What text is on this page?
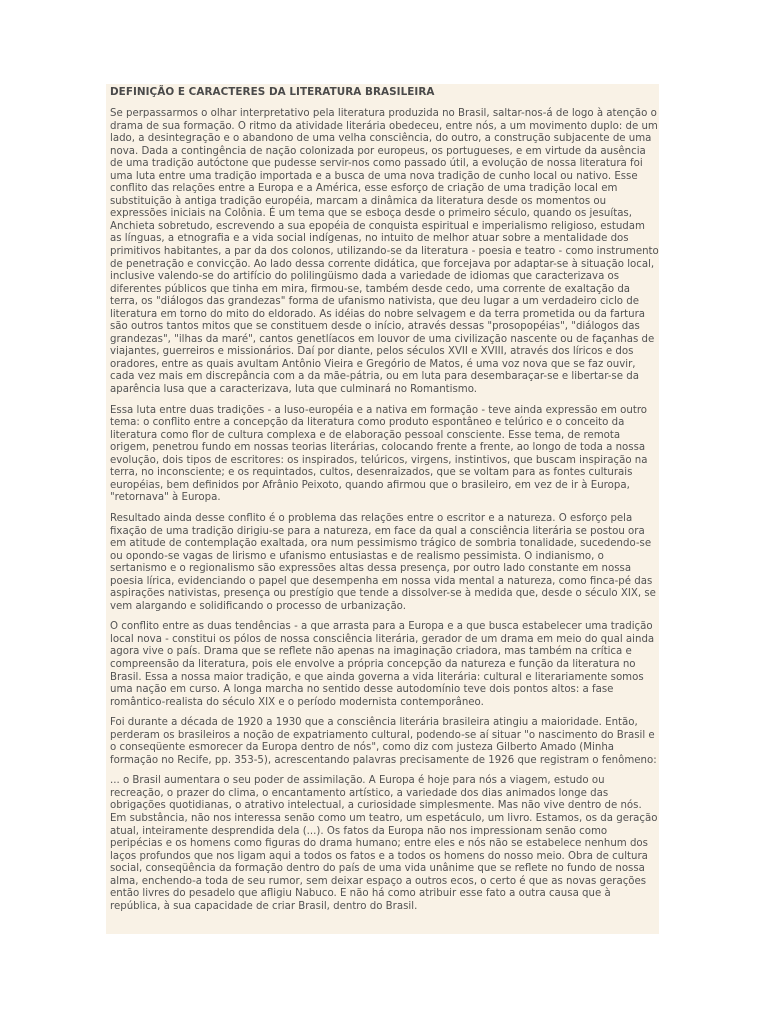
DEFINIÇÃO E CARACTERES DA LITERATURA BRASILEIRA

Se perpassarmos o olhar interpretativo pela literatura produzida no Brasil, saltar-nos-á de logo à atenção o drama de sua formação. O ritmo da atividade literária obedeceu, entre nós, a um movimento duplo: de um lado, a desintegração e o abandono de uma velha consciência, do outro, a construção subjacente de uma nova. Dada a contingência de nação colonizada por europeus, os portugueses, e em virtude da ausência de uma tradição autóctone que pudesse servir-nos como passado útil, a evolução de nossa literatura foi uma luta entre uma tradição importada e a busca de uma nova tradição de cunho local ou nativo. Esse conflito das relações entre a Europa e a América, esse esforço de criação de uma tradição local em substituição à antiga tradição européia, marcam a dinâmica da literatura desde os momentos ou expressões iniciais na Colônia. É um tema que se esboça desde o primeiro século, quando os jesuítas, Anchieta sobretudo, escrevendo a sua epopéia de conquista espiritual e imperialismo religioso, estudam as línguas, a etnografia e a vida social indígenas, no intuito de melhor atuar sobre a mentalidade dos primitivos habitantes, a par da dos colonos, utilizando-se da literatura - poesia e teatro - como instrumento de penetração e convicção. Ao lado dessa corrente didática, que forcejava por adaptar-se à situação local, inclusive valendo-se do artifício do polilingüismo dada a variedade de idiomas que caracterizava os diferentes públicos que tinha em mira, firmou-se, também desde cedo, uma corrente de exaltação da terra, os "diálogos das grandezas" forma de ufanismo nativista, que deu lugar a um verdadeiro ciclo de literatura em torno do mito do eldorado. As idéias do nobre selvagem e da terra prometida ou da fartura são outros tantos mitos que se constituem desde o início, através dessas "prosopopéias", "diálogos das grandezas", "ilhas da maré", cantos genetlíacos em louvor de uma civilização nascente ou de façanhas de viajantes, guerreiros e missionários. Daí por diante, pelos séculos XVII e XVIII, através dos líricos e dos oradores, entre as quais avultam Antônio Vieira e Gregório de Matos, é uma voz nova que se faz ouvir, cada vez mais em discrepância com a da mãe-pátria, ou em luta para desembaraçar-se e libertar-se da aparência lusa que a caracterizava, luta que culminará no Romantismo.

Essa luta entre duas tradições - a luso-européia e a nativa em formação - teve ainda expressão em outro tema: o conflito entre a concepção da literatura como produto espontâneo e telúrico e o conceito da literatura como flor de cultura complexa e de elaboração pessoal consciente. Esse tema, de remota origem, penetrou fundo em nossas teorias literárias, colocando frente a frente, ao longo de toda a nossa evolução, dois tipos de escritores: os inspirados, telúricos, virgens, instintivos, que buscam inspiração na terra, no inconsciente; e os requintados, cultos, desenraizados, que se voltam para as fontes culturais européias, bem definidos por Afrânio Peixoto, quando afirmou que o brasileiro, em vez de ir à Europa, "retornava" à Europa.

Resultado ainda desse conflito é o problema das relações entre o escritor e a natureza. O esforço pela fixação de uma tradição dirigiu-se para a natureza, em face da qual a consciência literária se postou ora em atitude de contemplação exaltada, ora num pessimismo trágico de sombria tonalidade, sucedendo-se ou opondo-se vagas de lirismo e ufanismo entusiastas e de realismo pessimista. O indianismo, o sertanismo e o regionalismo são expressões altas dessa presença, por outro lado constante em nossa poesia lírica, evidenciando o papel que desempenha em nossa vida mental a natureza, como finca-pé das aspirações nativistas, presença ou prestígio que tende a dissolver-se à medida que, desde o século XIX, se vem alargando e solidificando o processo de urbanização.

O conflito entre as duas tendências - a que arrasta para a Europa e a que busca estabelecer uma tradição local nova - constitui os pólos de nossa consciência literária, gerador de um drama em meio do qual ainda agora vive o país. Drama que se reflete não apenas na imaginação criadora, mas também na crítica e compreensão da literatura, pois ele envolve a própria concepção da natureza e função da literatura no Brasil. Essa a nossa maior tradição, e que ainda governa a vida literária: cultural e literariamente somos uma nação em curso. A longa marcha no sentido desse autodomínio teve dois pontos altos: a fase romântico-realista do século XIX e o período modernista contemporâneo.

Foi durante a década de 1920 a 1930 que a consciência literária brasileira atingiu a maioridade. Então, perderam os brasileiros a noção de expatriamento cultural, podendo-se aí situar "o nascimento do Brasil e o conseqüente esmorecer da Europa dentro de nós", como diz com justeza Gilberto Amado (Minha formação no Recife, pp. 353-5), acrescentando palavras precisamente de 1926 que registram o fenômeno:

... o Brasil aumentara o seu poder de assimilação. A Europa é hoje para nós a viagem, estudo ou recreação, o prazer do clima, o encantamento artístico, a variedade dos dias animados longe das obrigações quotidianas, o atrativo intelectual, a curiosidade simplesmente. Mas não vive dentro de nós. Em substância, não nos interessa senão como um teatro, um espetáculo, um livro. Estamos, os da geração atual, inteiramente desprendida dela (...). Os fatos da Europa não nos impressionam senão como peripécias e os homens como figuras do drama humano; entre eles e nós não se estabelece nenhum dos laços profundos que nos ligam aqui a todos os fatos e a todos os homens do nosso meio. Obra de cultura social, conseqüência da formação dentro do país de uma vida unânime que se reflete no fundo de nossa alma, enchendo-a toda de seu rumor, sem deixar espaço a outros ecos, o certo é que as novas gerações então livres do pesadelo que afligiu Nabuco. E não há como atribuir esse fato a outra causa que à república, à sua capacidade de criar Brasil, dentro do Brasil.
